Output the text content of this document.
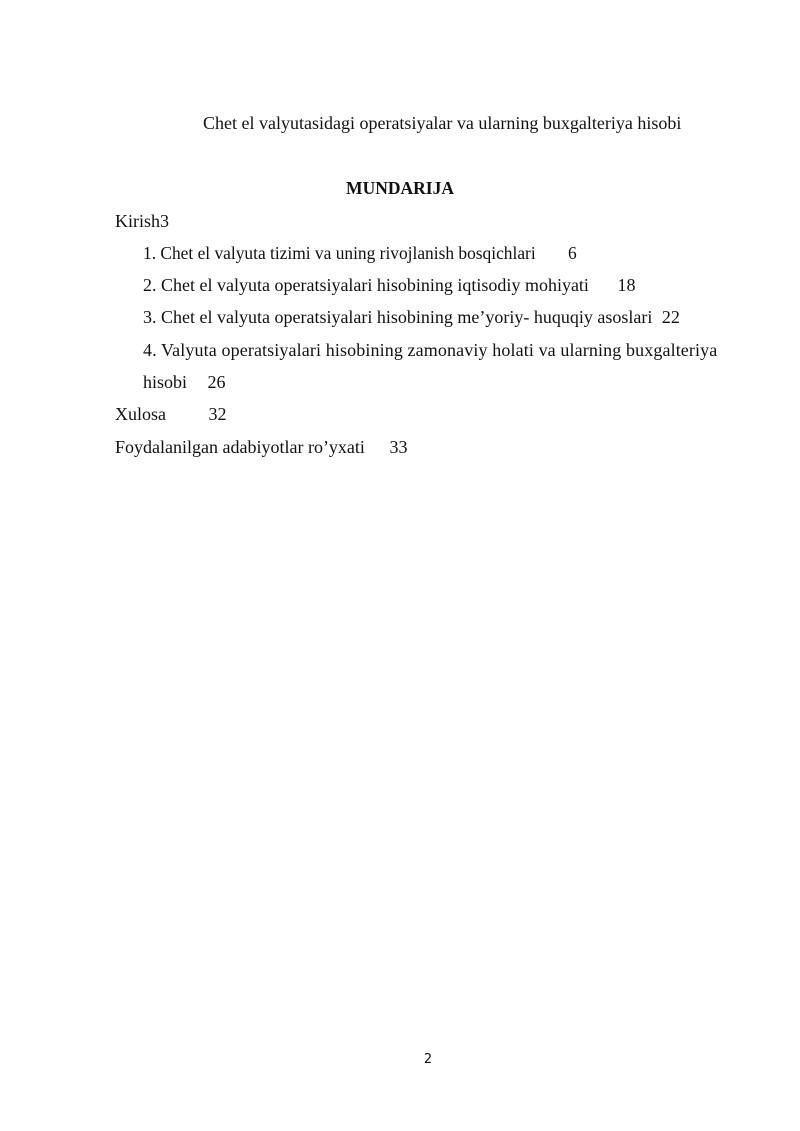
Chet el valyutasidagi operatsiyalar va ularning buxgalteriya hisobi
MUNDARIJA
Kirish3
1. Chet el valyuta tizimi va uning rivojlanish bosqichlari 6
2. Chet el valyuta operatsiyalari hisobining iqtisodiy mohiyati 18
3. Chet el valyuta operatsiyalari hisobining me’yoriy- huquqiy asoslari 22
4. Valyuta operatsiyalari hisobining zamonaviy holati va ularning buxgalteriya
hisobi 26
Xulosa 32
Foydalanilgan adabiyotlar ro’yxati 33
2
